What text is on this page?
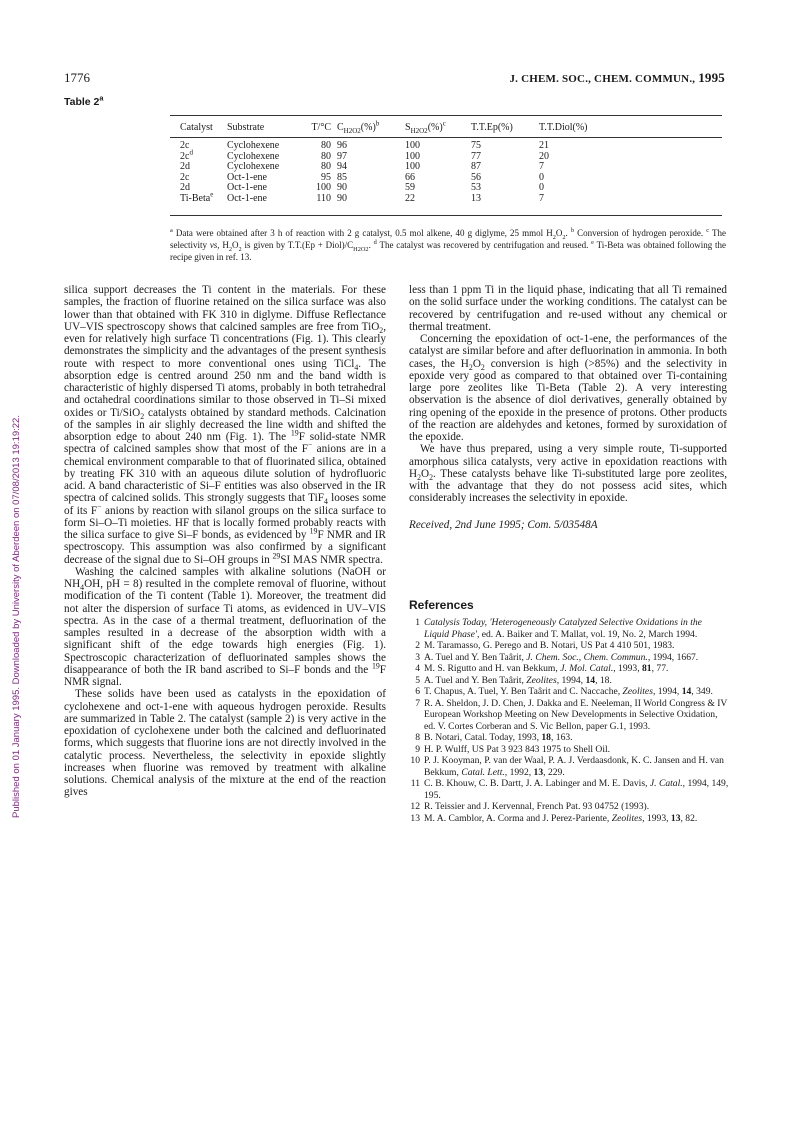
Published on 01 January 1995. Downloaded by University of Aberdeen on 07/08/2013 19:19:22.
1776	J. CHEM. SOC., CHEM. COMMUN., 1995
Table 2$^a$
Catalyst	Substrate	T/°C	$C_{H2O2}(\%)^b$	$S_{H2O2}(\%)^c$	T.T.Ep(%)	T.T.Diol(%)

2c	Cyclohexene	80	96	100	75	21
$2c^d$	Cyclohexene	80	97	100	77	20
2d	Cyclohexene	80	94	100	87	7
2c	Oct-1-ene	95	85	66	56	0
2d	Oct-1-ene	100	90	59	53	0
Ti-Beta$^e$	Oct-1-ene	110	90	22	13	7
$^a$ Data were obtained after 3 h of reaction with 2 g catalyst, 0.5 mol alkene, 40 g diglyme, 25 mmol $H_2O_2$. $^b$ Conversion of hydrogen peroxide. $^c$ The selectivity vs, $H_2O_2$ is given by $T.T.(Ep + Diol)/C_{H2O2}$. $^d$ The catalyst was recovered by centrifugation and reused. $^e$ Ti-Beta was obtained following the recipe given in ref. 13.

silica support decreases the Ti content in the materials. For these samples, the fraction of fluorine retained on the silica surface was also lower than that obtained with FK 310 in diglyme. Diffuse Reflectance UV–VIS spectroscopy shows that calcined samples are free from TiO$_2$, even for relatively high surface Ti concentrations (Fig. 1). This clearly demonstrates the simplicity and the advantages of the present synthesis route with respect to more conventional ones using TiCl$_4$. The absorption edge is centred around 250 nm and the band width is characteristic of highly dispersed Ti atoms, probably in both tetrahedral and octahedral coordinations similar to those observed in Ti–Si mixed oxides or Ti/SiO$_2$ catalysts obtained by standard methods. Calcination of the samples in air slighly decreased the line width and shifted the absorption edge to about 240 nm (Fig. 1). The $^{19}$F solid-state NMR spectra of calcined samples show that most of the F− anions are in a chemical environment comparable to that of fluorinated silica, obtained by treating FK 310 with an aqueous dilute solution of hydrofluoric acid. A band characteristic of Si–F entities was also observed in the IR spectra of calcined solids. This strongly suggests that TiF$_4$ looses some of its F− anions by reaction with silanol groups on the silica surface to form Si–O–Ti moieties. HF that is locally formed probably reacts with the silica surface to give Si–F bonds, as evidenced by $^{19}$F NMR and IR spectroscopy. This assumption was also confirmed by a significant decrease of the signal due to Si–OH groups in $^{29}$SI MAS NMR spectra.

Washing the calcined samples with alkaline solutions (NaOH or $NH_4OH$, pH = 8) resulted in the complete removal of fluorine, without modification of the Ti content (Table 1). Moreover, the treatment did not alter the dispersion of surface Ti atoms, as evidenced in UV–VIS spectra. As in the case of a thermal treatment, defluorination of the samples resulted in a decrease of the absorption width with a significant shift of the edge towards high energies (Fig. 1). Spectroscopic characterization of defluorinated samples shows the disappearance of both the IR band ascribed to Si–F bonds and the $^{19}$F NMR signal.

These solids have been used as catalysts in the epoxidation of cyclohexene and oct-1-ene with aqueous hydrogen peroxide. Results are summarized in Table 2. The catalyst (sample 2) is very active in the epoxidation of cyclohexene under both the calcined and defluorinated forms, which suggests that fluorine ions are not directly involved in the catalytic process. Nevertheless, the selectivity in epoxide slightly increases when fluorine was removed by treatment with alkaline solutions. Chemical analysis of the mixture at the end of the reaction gives

less than 1 ppm Ti in the liquid phase, indicating that all Ti remained on the solid surface under the working conditions. The catalyst can be recovered by centrifugation and re-used without any chemical or thermal treatment.

Concerning the epoxidation of oct-1-ene, the performances of the catalyst are similar before and after defluorination in ammonia. In both cases, the $H_2O_2$ conversion is high (>85%) and the selectivity in epoxide very good as compared to that obtained over Ti-containing large pore zeolites like Ti-Beta (Table 2). A very interesting observation is the absence of diol derivatives, generally obtained by ring opening of the epoxide in the presence of protons. Other products of the reaction are aldehydes and ketones, formed by suroxidation of the epoxide.

We have thus prepared, using a very simple route, Ti-supported amorphous silica catalysts, very active in epoxidation reactions with $H_2O_2$. These catalysts behave like Ti-substituted large pore zeolites, with the advantage that they do not possess acid sites, which considerably increases the selectivity in epoxide.

Received, 2nd June 1995; Com. 5/03548A

References

1 Catalysis Today, 'Heterogeneously Catalyzed Selective Oxidations in the Liquid Phase', ed. A. Baiker and T. Mallat, vol. 19, No. 2, March 1994.
2 M. Taramasso, G. Perego and B. Notari, US Pat 4 410 501, 1983.
3 A. Tuel and Y. Ben Taârit, J. Chem. Soc., Chem. Commun., 1994, 1667.
4 M. S. Rigutto and H. van Bekkum, J. Mol. Catal., 1993, 81, 77.
5 A. Tuel and Y. Ben Taârit, Zeolites, 1994, 14, 18.
6 T. Chapus, A. Tuel, Y. Ben Taârit and C. Naccache, Zeolites, 1994, 14, 349.
7 R. A. Sheldon, J. D. Chen, J. Dakka and E. Neeleman, II World Congress & IV European Workshop Meeting on New Developments in Selective Oxidation, ed. V. Cortes Corberan and S. Vic Bellon, paper G.1, 1993.
8 B. Notari, Catal. Today, 1993, 18, 163.
9 H. P. Wulff, US Pat 3 923 843 1975 to Shell Oil.
10 P. J. Kooyman, P. van der Waal, P. A. J. Verdaasdonk, K. C. Jansen and H. van Bekkum, Catal. Lett., 1992, 13, 229.
11 C. B. Khouw, C. B. Dartt, J. A. Labinger and M. E. Davis, J. Catal., 1994, 149, 195.
12 R. Teissier and J. Kervennal, French Pat. 93 04752 (1993).
13 M. A. Camblor, A. Corma and J. Perez-Pariente, Zeolites, 1993, 13, 82.
